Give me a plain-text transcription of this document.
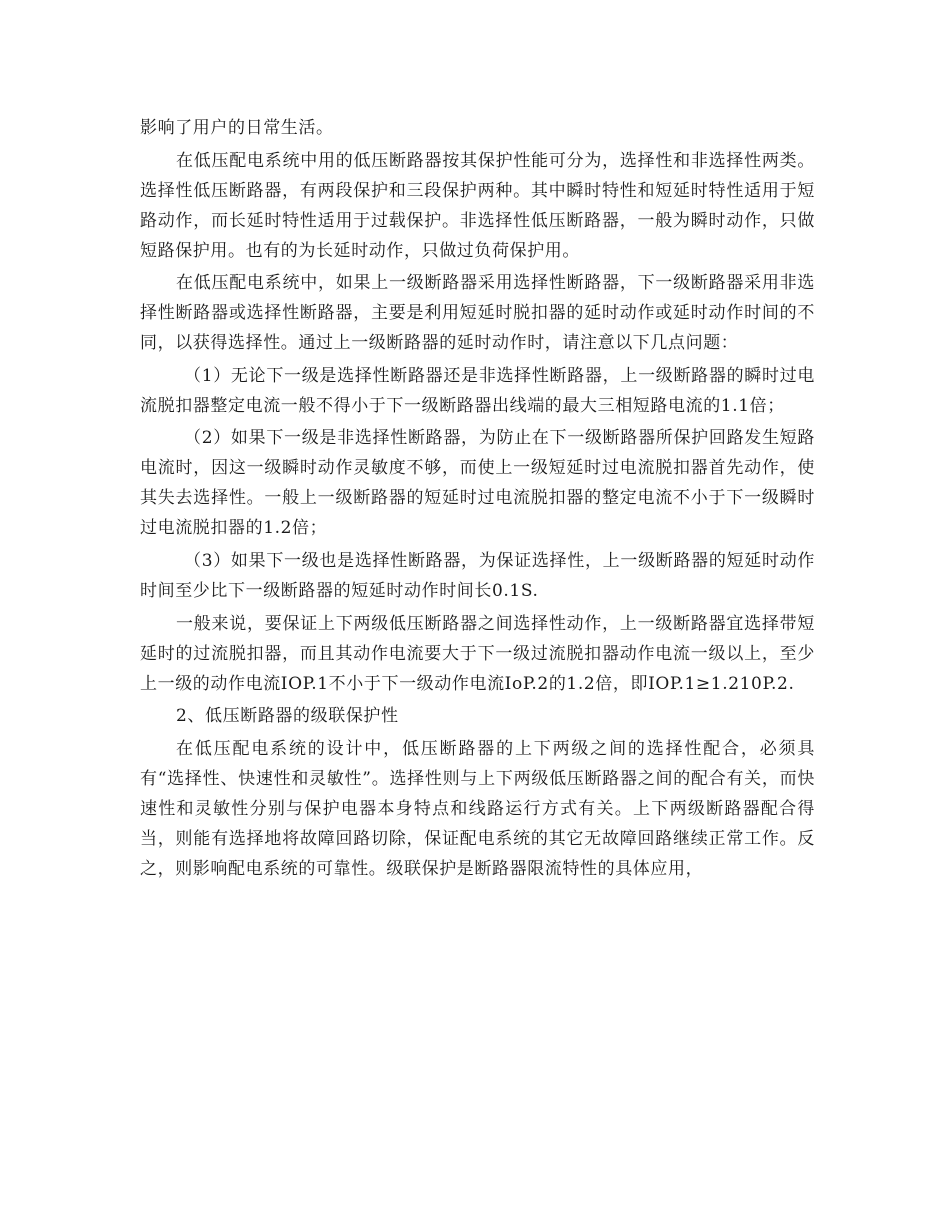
影响了用户的日常生活。

在低压配电系统中用的低压断路器按其保护性能可分为，选择性和非选择性两类。选择性低压断路器，有两段保护和三段保护两种。其中瞬时特性和短延时特性适用于短路动作，而长延时特性适用于过载保护。非选择性低压断路器，一般为瞬时动作，只做短路保护用。也有的为长延时动作，只做过负荷保护用。

在低压配电系统中，如果上一级断路器采用选择性断路器，下一级断路器采用非选择性断路器或选择性断路器，主要是利用短延时脱扣器的延时动作或延时动作时间的不同，以获得选择性。通过上一级断路器的延时动作时，请注意以下几点问题：

（1）无论下一级是选择性断路器还是非选择性断路器，上一级断路器的瞬时过电流脱扣器整定电流一般不得小于下一级断路器出线端的最大三相短路电流的1.1倍；

（2）如果下一级是非选择性断路器，为防止在下一级断路器所保护回路发生短路电流时，因这一级瞬时动作灵敏度不够，而使上一级短延时过电流脱扣器首先动作，使其失去选择性。一般上一级断路器的短延时过电流脱扣器的整定电流不小于下一级瞬时过电流脱扣器的1.2倍；

（3）如果下一级也是选择性断路器，为保证选择性，上一级断路器的短延时动作时间至少比下一级断路器的短延时动作时间长0.1S.

一般来说，要保证上下两级低压断路器之间选择性动作，上一级断路器宜选择带短延时的过流脱扣器，而且其动作电流要大于下一级过流脱扣器动作电流一级以上，至少上一级的动作电流IOP.1不小于下一级动作电流IoP.2的1.2倍，即IOP.1≥1.210P.2.

2、低压断路器的级联保护性

在低压配电系统的设计中，低压断路器的上下两级之间的选择性配合，必须具有“选择性、快速性和灵敏性”。选择性则与上下两级低压断路器之间的配合有关，而快速性和灵敏性分别与保护电器本身特点和线路运行方式有关。上下两级断路器配合得当，则能有选择地将故障回路切除，保证配电系统的其它无故障回路继续正常工作。反之，则影响配电系统的可靠性。级联保护是断路器限流特性的具体应用，
